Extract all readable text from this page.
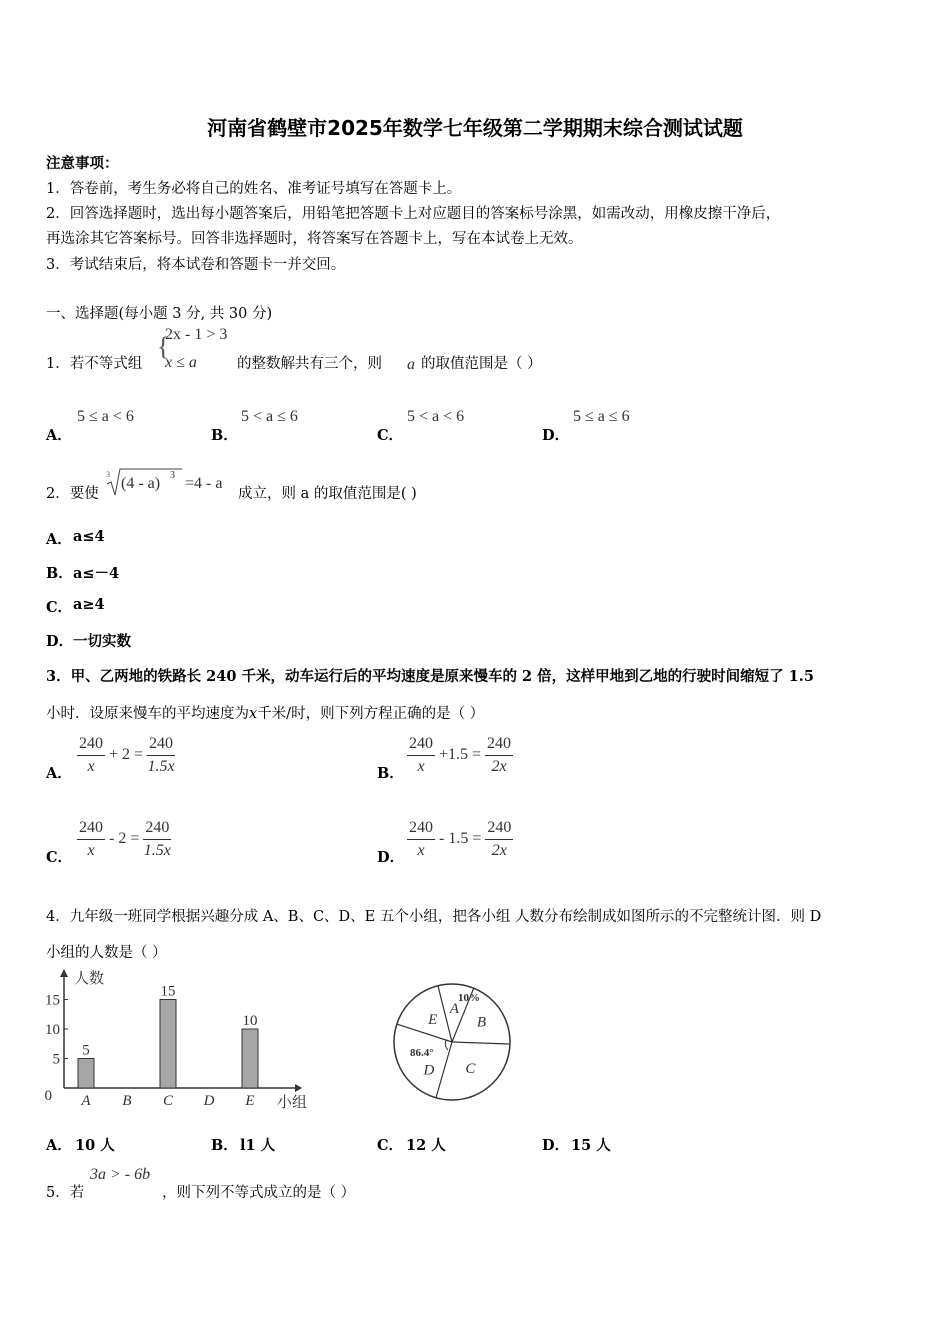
河南省鹤壁市2025年数学七年级第二学期期末综合测试试题
注意事项：
1．答卷前，考生务必将自己的姓名、准考证号填写在答题卡上。
2．回答选择题时，选出每小题答案后，用铅笔把答题卡上对应题目的答案标号涂黑，如需改动，用橡皮擦干净后，
再选涂其它答案标号。回答非选择题时，将答案写在答题卡上，写在本试卷上无效。
3．考试结束后，将本试卷和答题卡一并交回。
一、选择题(每小题 3 分, 共 30 分)
1．若不等式组
{
2x - 1 > 3
x ≤ a	的整数解共有三个，则 a 的取值范围是（ ）
A．
5 ≤ a < 6
B．
5 < a ≤ 6
C．
5 < a < 6
D．
5 ≤ a ≤ 6
2．要使
3
(4 - a) 3 =4 - a
成立，则 a 的取值范围是( )
A． a≤4
B． a≤－4
C． a≥4
D． 一切实数
3．甲、乙两地的铁路长 240 千米，动车运行后的平均速度是原来慢车的 2 倍，这样甲地到乙地的行驶时间缩短了 1.5
小时．设原来慢车的平均速度为x千米/时，则下列方程正确的是（ ）
A． $\frac{240}{x} + 2 = \frac{240}{1.5x}$	B． $\frac{240}{x} +1.5 = \frac{240}{2x}$
C． $\frac{240}{x} - 2 = \frac{240}{1.5x}$	D． $\frac{240}{x} - 1.5 = \frac{240}{2x}$
4．九年级一班同学根据兴趣分成 A、B、C、D、E 五个小组，把各小组 人数分布绘制成如图所示的不完整统计图．则 D
小组的人数是（ ）
人数
小组
0
5
10
15
5
A B
15
C D
10
E
A
B
C
D
E
10%
86.4°
A． 10 人	B． l1 人	C． 12 人	D． 15 人
5．若
3a > - 6b
，则下列不等式成立的是（ ）
